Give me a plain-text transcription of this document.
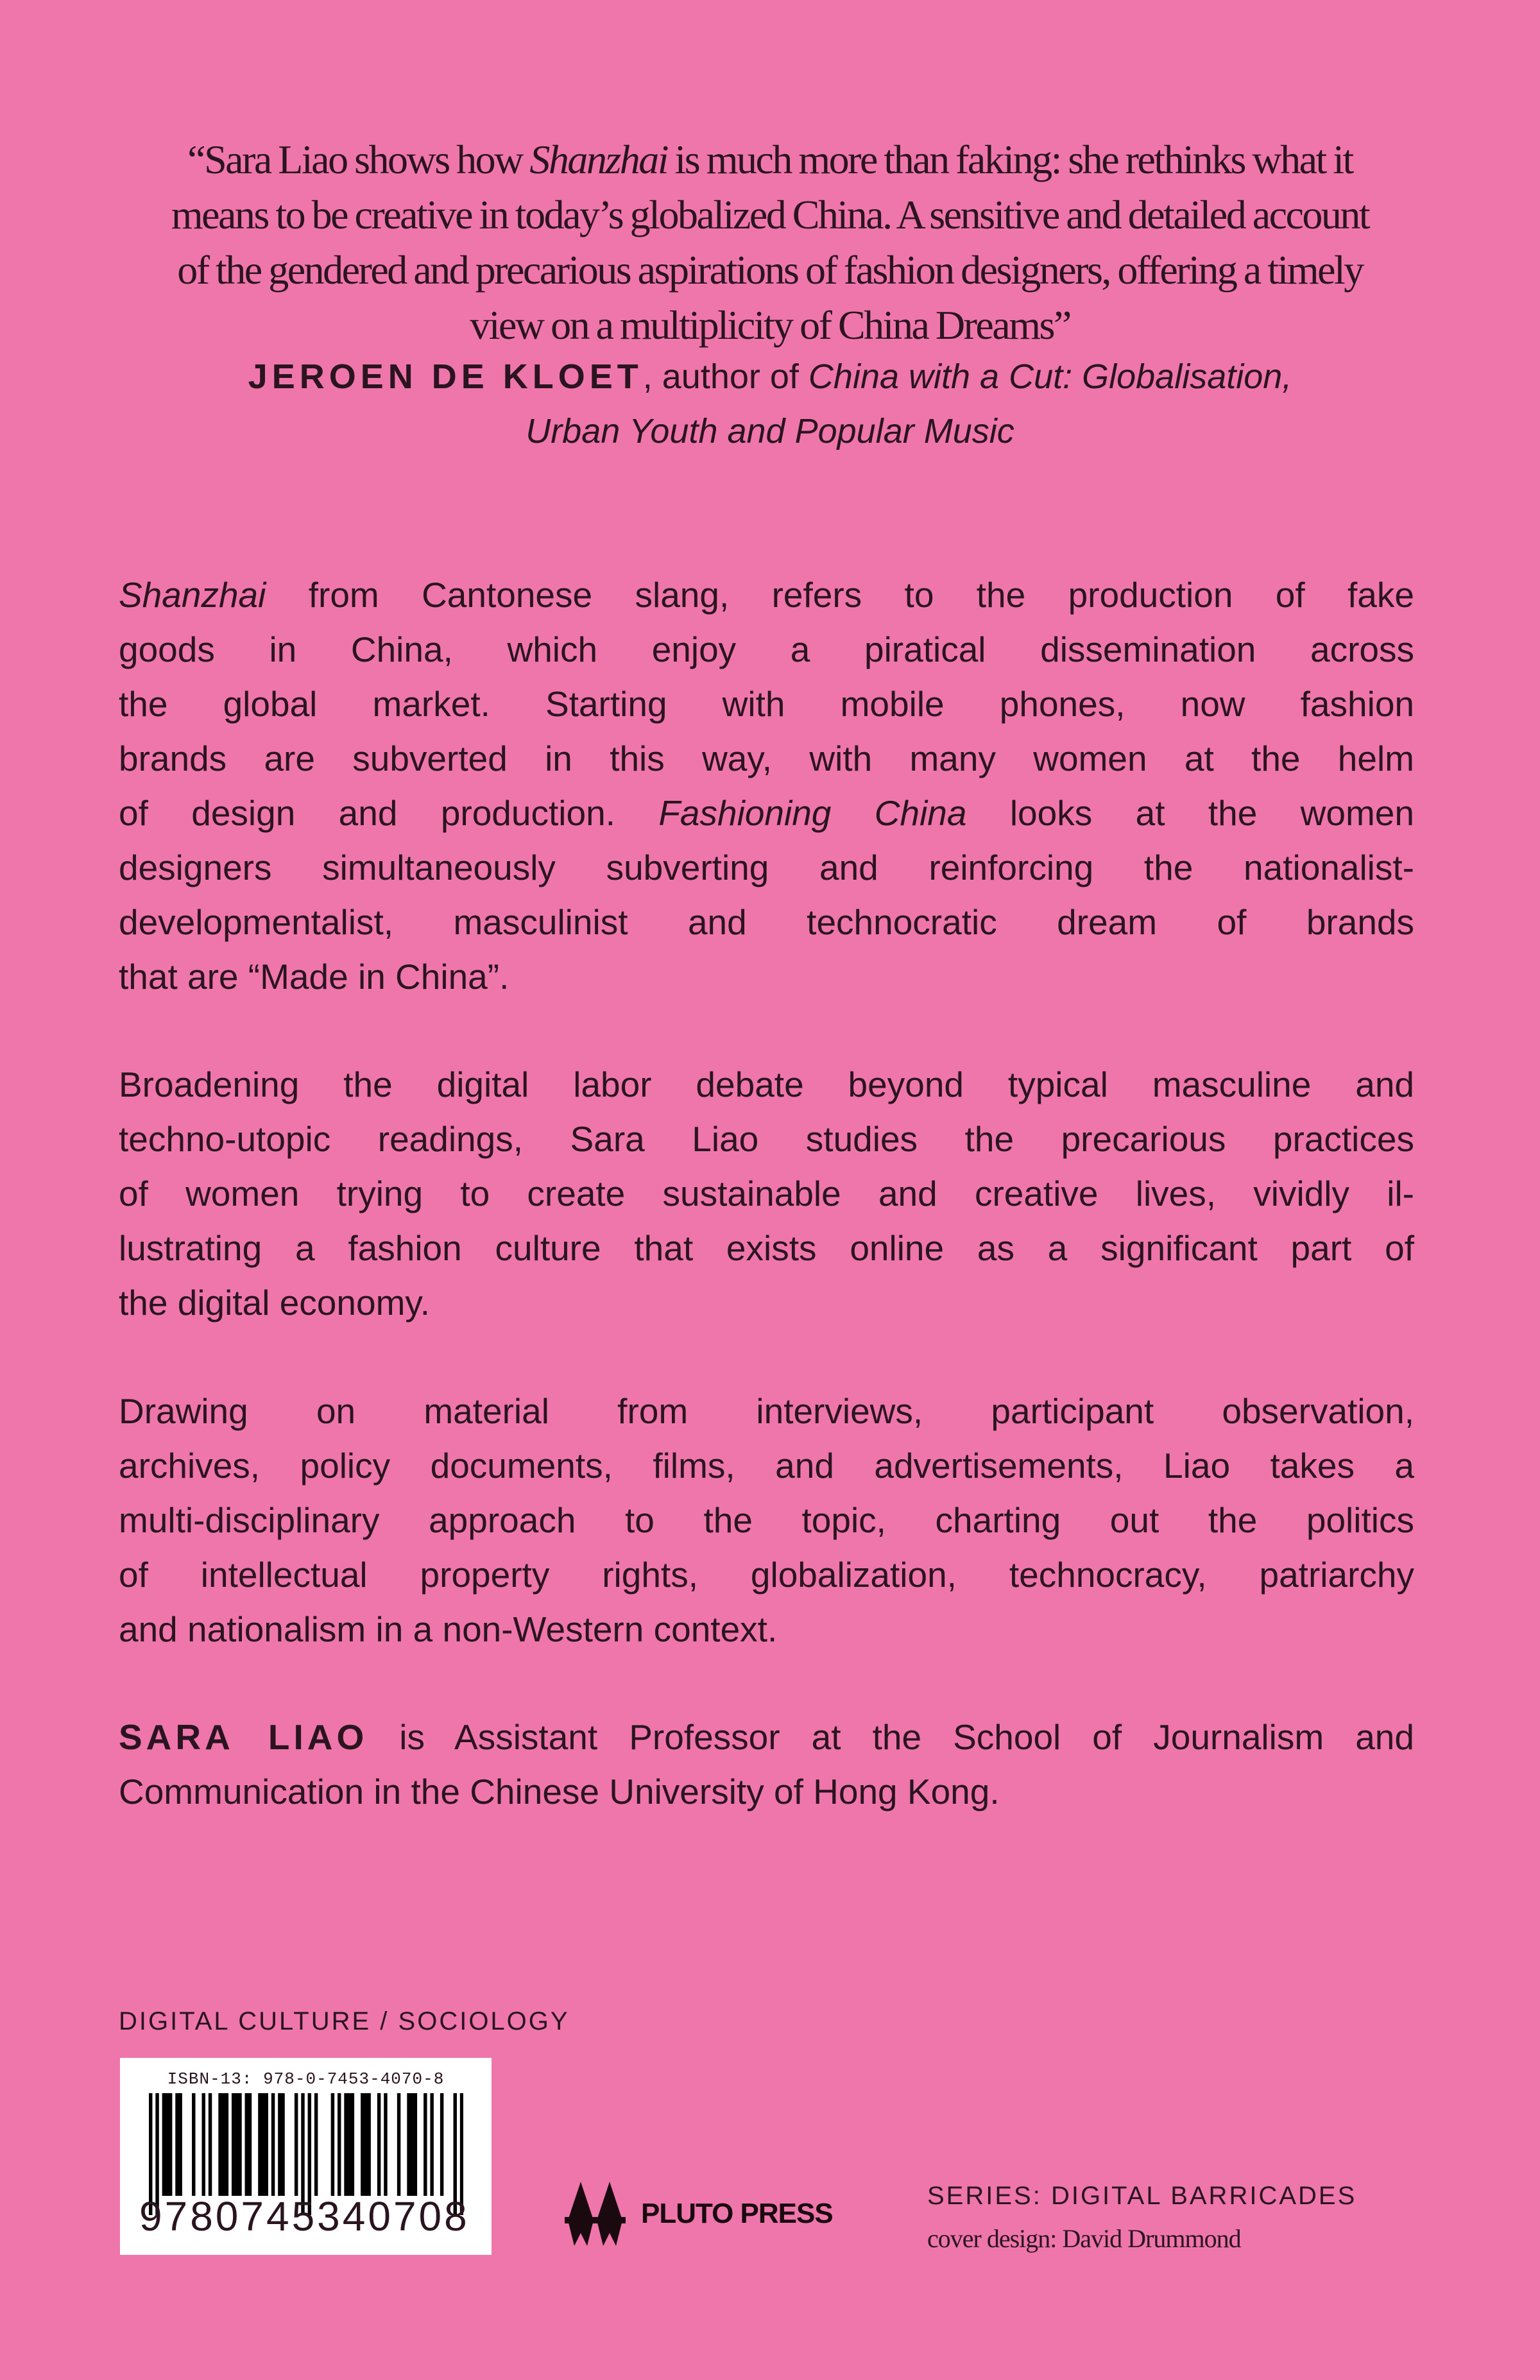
“Sara Liao shows how Shanzhai is much more than faking: she rethinks what it
means to be creative in today’s globalized China. A sensitive and detailed account
of the gendered and precarious aspirations of fashion designers, offering a timely
view on a multiplicity of China Dreams”
JEROEN DE KLOET, author of China with a Cut: Globalisation,
Urban Youth and Popular Music
Shanzhai from Cantonese slang, refers to the production of fake
goods in China, which enjoy a piratical dissemination across
the global market. Starting with mobile phones, now fashion
brands are subverted in this way, with many women at the helm
of design and production. Fashioning China looks at the women
designers simultaneously subverting and reinforcing the nationalist-
developmentalist, masculinist and technocratic dream of brands
that are “Made in China”.
Broadening the digital labor debate beyond typical masculine and
techno-utopic readings, Sara Liao studies the precarious practices
of women trying to create sustainable and creative lives, vividly il-
lustrating a fashion culture that exists online as a significant part of
the digital economy.
Drawing on material from interviews, participant observation,
archives, policy documents, films, and advertisements, Liao takes a
multi-disciplinary approach to the topic, charting out the politics
of intellectual property rights, globalization, technocracy, patriarchy
and nationalism in a non-Western context.
SARA LIAO is Assistant Professor at the School of Journalism and
Communication in the Chinese University of Hong Kong.
DIGITAL CULTURE / SOCIOLOGY
ISBN-13: 978-0-7453-4070-8
9780745340708	PLUTO PRESS
SERIES: DIGITAL BARRICADES
cover design: David Drummond
